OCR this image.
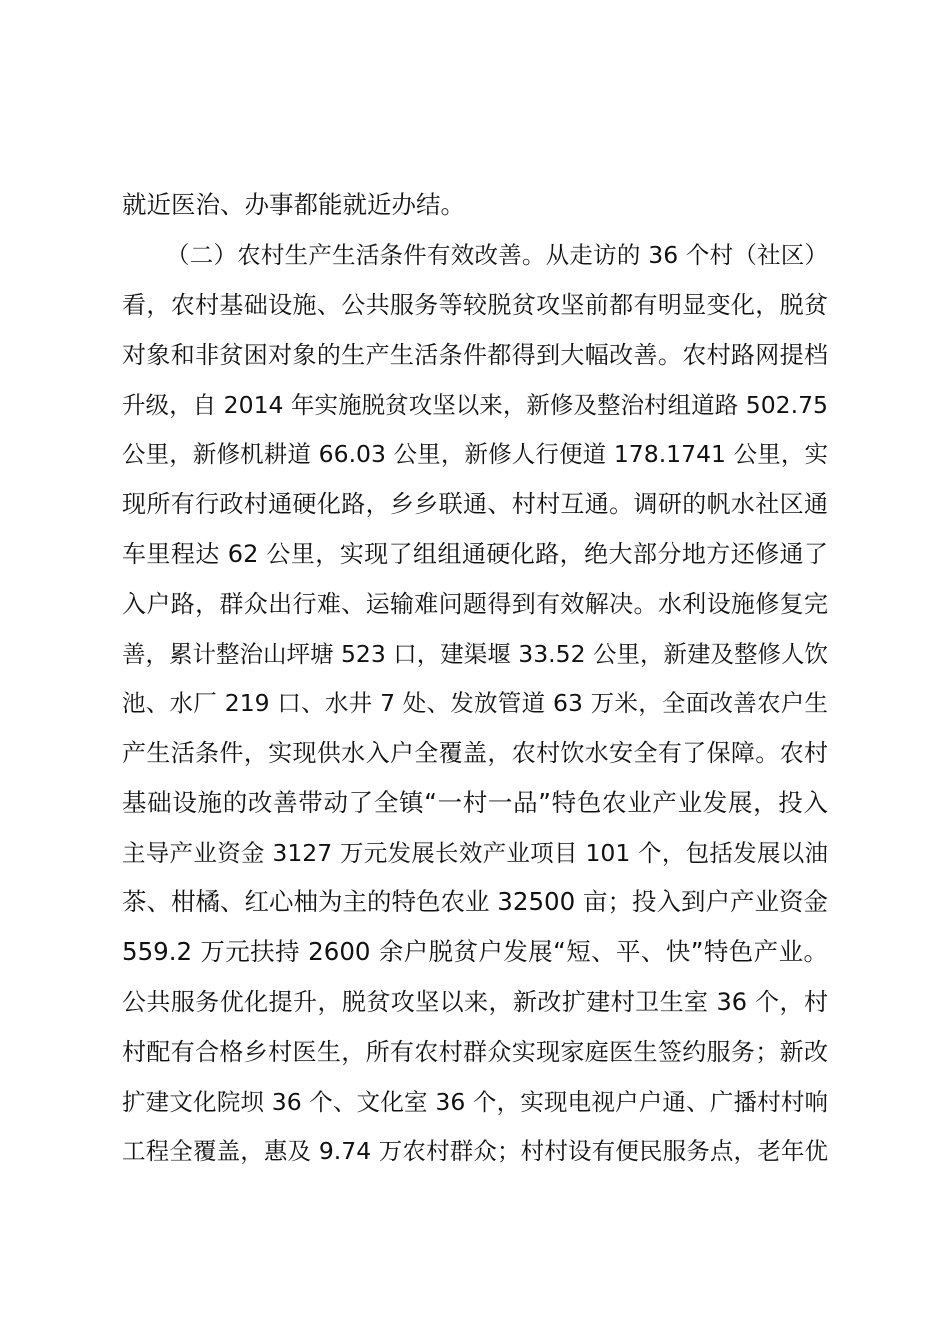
就近医治、办事都能就近办结。
（二）农村生产生活条件有效改善。从走访的 36 个村（社区）
看，农村基础设施、公共服务等较脱贫攻坚前都有明显变化，脱贫
对象和非贫困对象的生产生活条件都得到大幅改善。农村路网提档
升级，自 2014 年实施脱贫攻坚以来，新修及整治村组道路 502.75
公里，新修机耕道 66.03 公里，新修人行便道 178.1741 公里，实
现所有行政村通硬化路，乡乡联通、村村互通。调研的帆水社区通
车里程达 62 公里，实现了组组通硬化路，绝大部分地方还修通了
入户路，群众出行难、运输难问题得到有效解决。水利设施修复完
善，累计整治山坪塘 523 口，建渠堰 33.52 公里，新建及整修人饮
池、水厂 219 口、水井 7 处、发放管道 63 万米，全面改善农户生
产生活条件，实现供水入户全覆盖，农村饮水安全有了保障。农村
基础设施的改善带动了全镇“一村一品”特色农业产业发展，投入
主导产业资金 3127 万元发展长效产业项目 101 个，包括发展以油
茶、柑橘、红心柚为主的特色农业 32500 亩；投入到户产业资金
559.2 万元扶持 2600 余户脱贫户发展“短、平、快”特色产业。
公共服务优化提升，脱贫攻坚以来，新改扩建村卫生室 36 个，村
村配有合格乡村医生，所有农村群众实现家庭医生签约服务；新改
扩建文化院坝 36 个、文化室 36 个，实现电视户户通、广播村村响
工程全覆盖，惠及 9.74 万农村群众；村村设有便民服务点，老年优
